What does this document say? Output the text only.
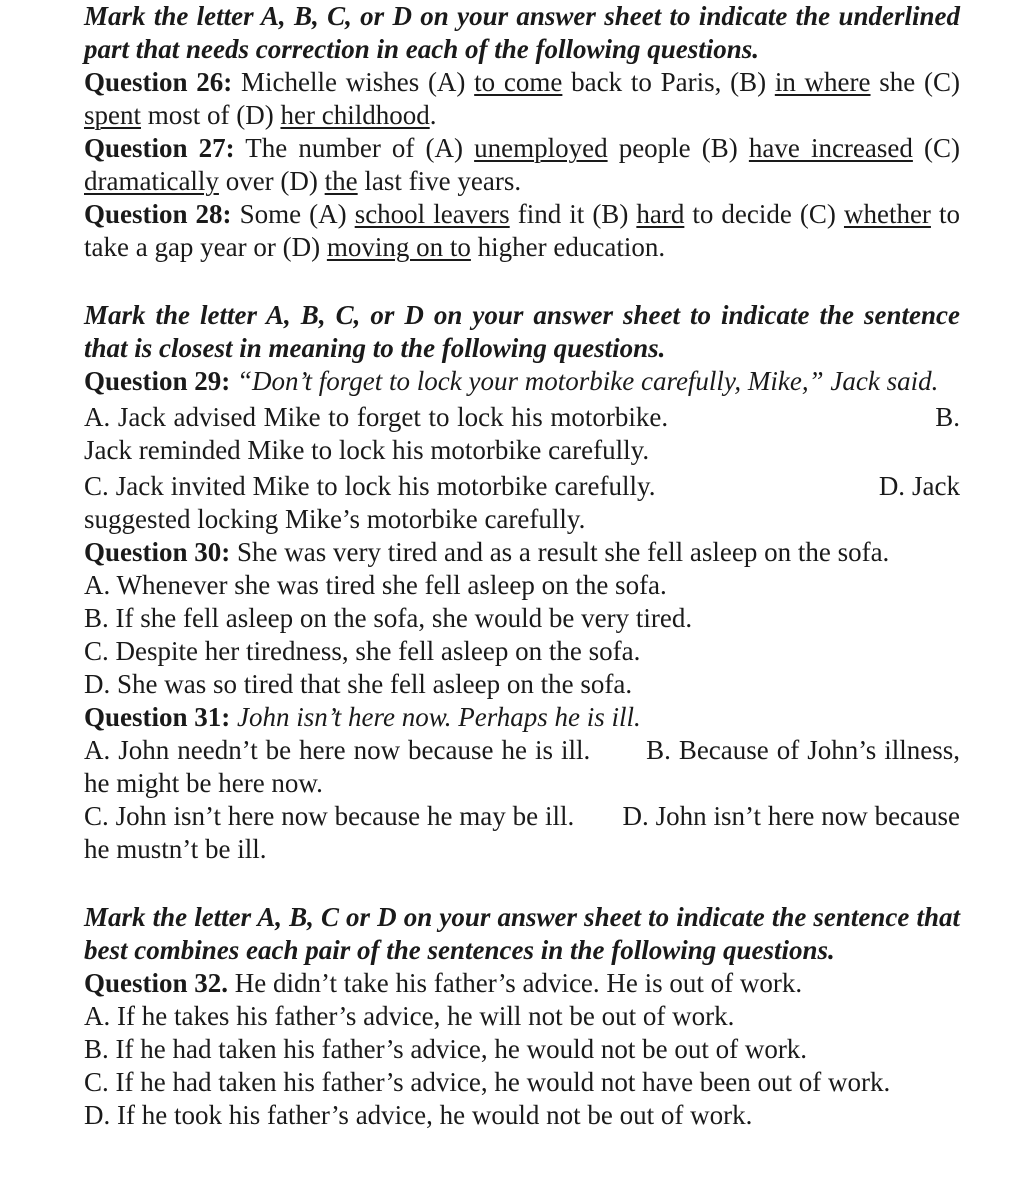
Mark the letter A, B, C, or D on your answer sheet to indicate the underlined part that needs correction in each of the following questions.

Question 26: Michelle wishes (A) to come back to Paris, (B) in where she (C) spent most of (D) her childhood.

Question 27: The number of (A) unemployed people (B) have increased (C) dramatically over (D) the last five years.

Question 28: Some (A) school leavers find it (B) hard to decide (C) whether to take a gap year or (D) moving on to higher education.

Mark the letter A, B, C, or D on your answer sheet to indicate the sentence that is closest in meaning to the following questions.

Question 29: “Don’t forget to lock your motorbike carefully, Mike,” Jack said.

A. Jack advised Mike to forget to lock his motorbike.	B. Jack reminded Mike to lock his motorbike carefully.

C. Jack invited Mike to lock his motorbike carefully.	D. Jack suggested locking Mike’s motorbike carefully.

Question 30: She was very tired and as a result she fell asleep on the sofa.

A. Whenever she was tired she fell asleep on the sofa.

B. If she fell asleep on the sofa, she would be very tired.

C. Despite her tiredness, she fell asleep on the sofa.

D. She was so tired that she fell asleep on the sofa.

Question 31: John isn’t here now. Perhaps he is ill.

A. John needn’t be here now because he is ill. B. Because of John’s illness, he might be here now.

C. John isn’t here now because he may be ill. D. John isn’t here now because he mustn’t be ill.

Mark the letter A, B, C or D on your answer sheet to indicate the sentence that best combines each pair of the sentences in the following questions.

Question 32. He didn’t take his father’s advice. He is out of work.

A. If he takes his father’s advice, he will not be out of work.

B. If he had taken his father’s advice, he would not be out of work.

C. If he had taken his father’s advice, he would not have been out of work.

D. If he took his father’s advice, he would not be out of work.
